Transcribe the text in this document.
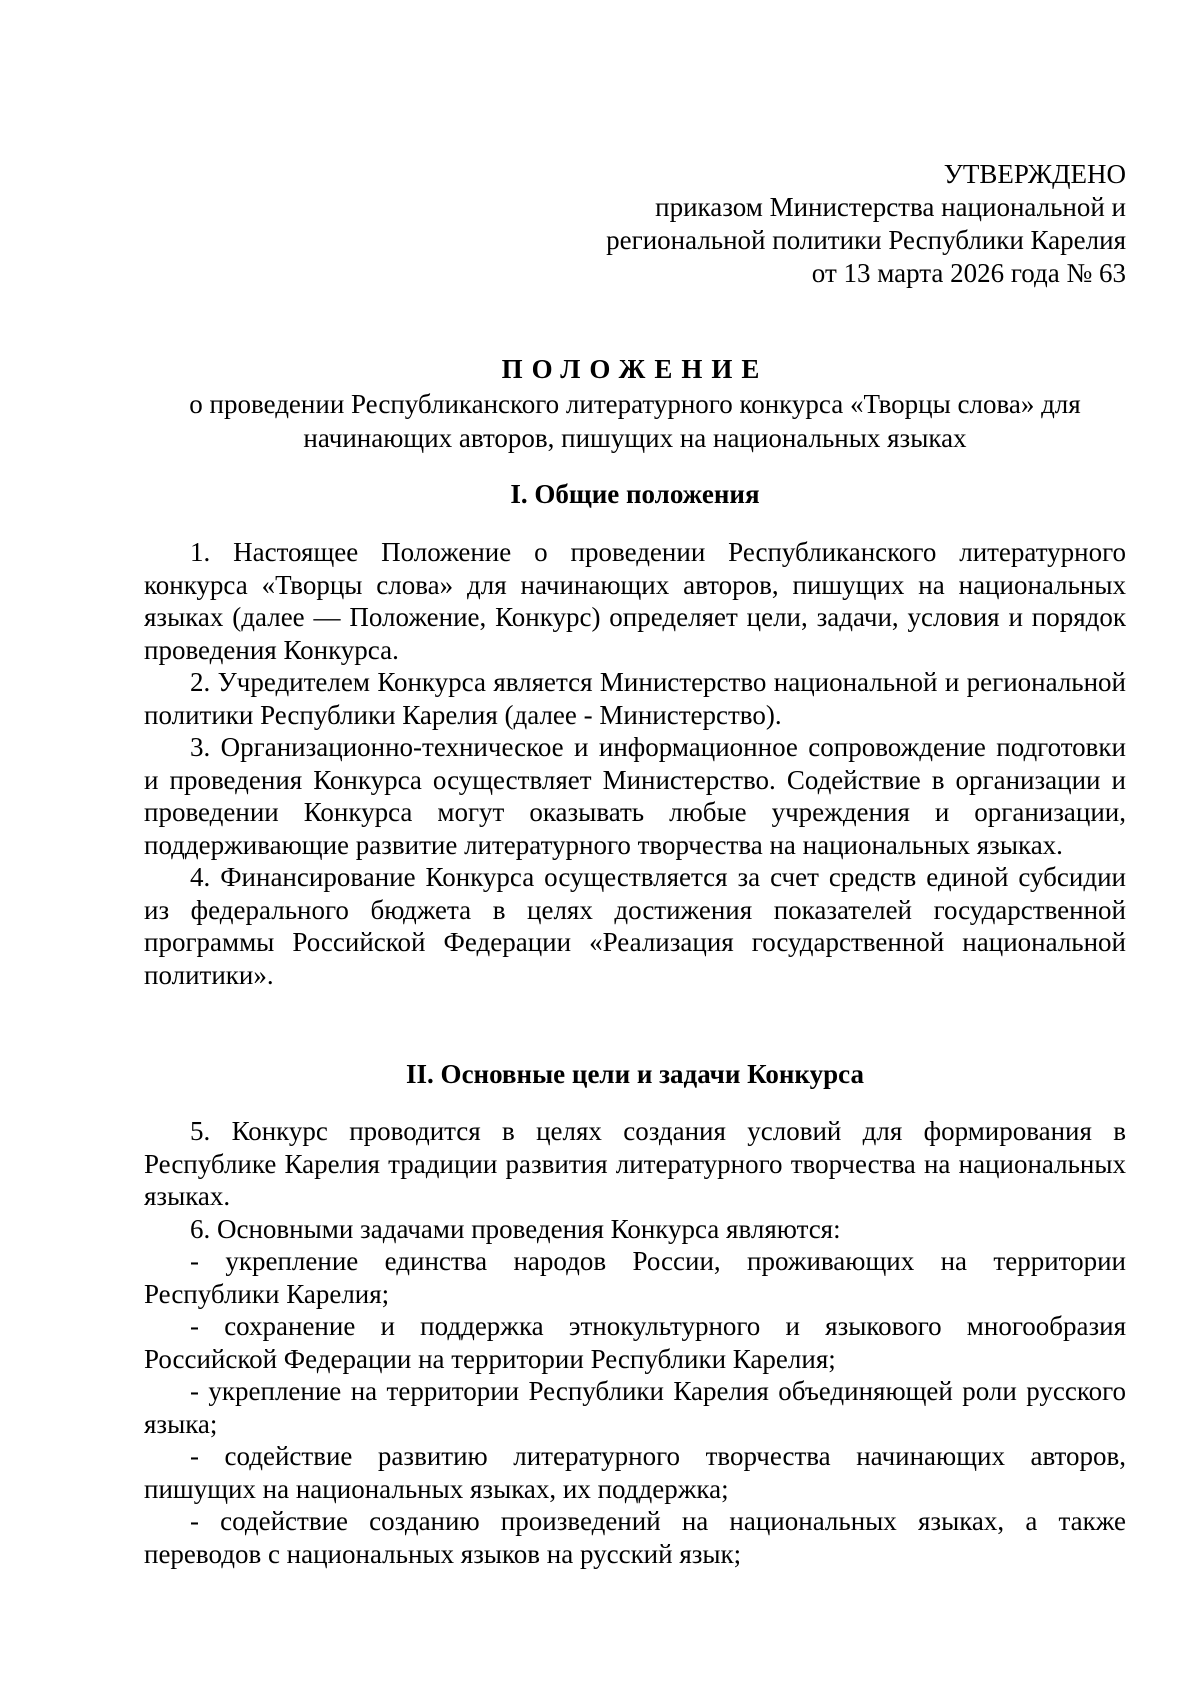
УТВЕРЖДЕНО
приказом Министерства национальной и
региональной политики Республики Карелия
от 13 марта 2026 года № 63
ПОЛОЖЕНИЕ
о проведении Республиканского литературного конкурса «Творцы слова» для
начинающих авторов, пишущих на национальных языках
I. Общие положения

1. Настоящее Положение о проведении Республиканского литературного конкурса «Творцы слова» для начинающих авторов, пишущих на национальных языках (далее — Положение, Конкурс) определяет цели, задачи, условия и порядок проведения Конкурса.

2. Учредителем Конкурса является Министерство национальной и региональной политики Республики Карелия (далее - Министерство).

3. Организационно-техническое и информационное сопровождение подготовки и проведения Конкурса осуществляет Министерство. Содействие в организации и проведении Конкурса могут оказывать любые учреждения и организации, поддерживающие развитие литературного творчества на национальных языках.

4. Финансирование Конкурса осуществляется за счет средств единой субсидии из федерального бюджета в целях достижения показателей государственной программы Российской Федерации «Реализация государственной национальной политики».

II. Основные цели и задачи Конкурса

5. Конкурс проводится в целях создания условий для формирования в Республике Карелия традиции развития литературного творчества на национальных языках.

6. Основными задачами проведения Конкурса являются:

- укрепление единства народов России, проживающих на территории Республики Карелия;

- сохранение и поддержка этнокультурного и языкового многообразия Российской Федерации на территории Республики Карелия;

- укрепление на территории Республики Карелия объединяющей роли русского языка;

- содействие развитию литературного творчества начинающих авторов, пишущих на национальных языках, их поддержка;

- содействие созданию произведений на национальных языках, а также переводов с национальных языков на русский язык;
